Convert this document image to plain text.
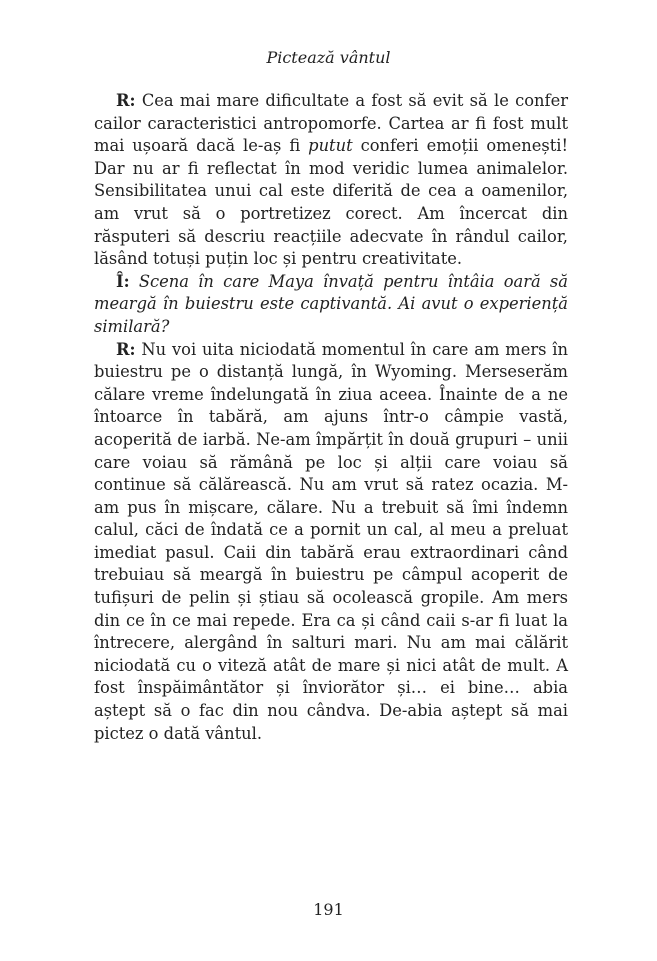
Pictează vântul

R: Cea mai mare dificultate a fost să evit să le confer cailor caracteristici antropomorfe. Cartea ar fi fost mult mai ușoară dacă le-aș fi putut conferi emoții omenești! Dar nu ar fi reflectat în mod veridic lumea animalelor. Sensibilitatea unui cal este diferită de cea a oamenilor, am vrut să o portretizez corect. Am încercat din răsputeri să descriu reacțiile adecvate în rândul cailor, lăsând totuși puțin loc și pentru creativitate.

Î: Scena în care Maya învață pentru întâia oară să meargă în buiestru este captivantă. Ai avut o experiență similară?

R: Nu voi uita niciodată momentul în care am mers în buiestru pe o distanță lungă, în Wyoming. Merseserăm călare vreme îndelungată în ziua aceea. Înainte de a ne întoarce în tabără, am ajuns într-o câmpie vastă, acoperită de iarbă. Ne-am împărțit în două grupuri – unii care voiau să rămână pe loc și alții care voiau să continue să călărească. Nu am vrut să ratez ocazia. M-am pus în mișcare, călare. Nu a trebuit să îmi îndemn calul, căci de îndată ce a pornit un cal, al meu a preluat imediat pasul. Caii din tabără erau extraordinari când trebuiau să meargă în buiestru pe câmpul acoperit de tufișuri de pelin și știau să ocolească gropile. Am mers din ce în ce mai repede. Era ca și când caii s-ar fi luat la întrecere, alergând în salturi mari. Nu am mai călărit niciodată cu o viteză atât de mare și nici atât de mult. A fost înspăimântător și înviorător și… ei bine… abia aștept să o fac din nou cândva. De-abia aștept să mai pictez o dată vântul.

191
